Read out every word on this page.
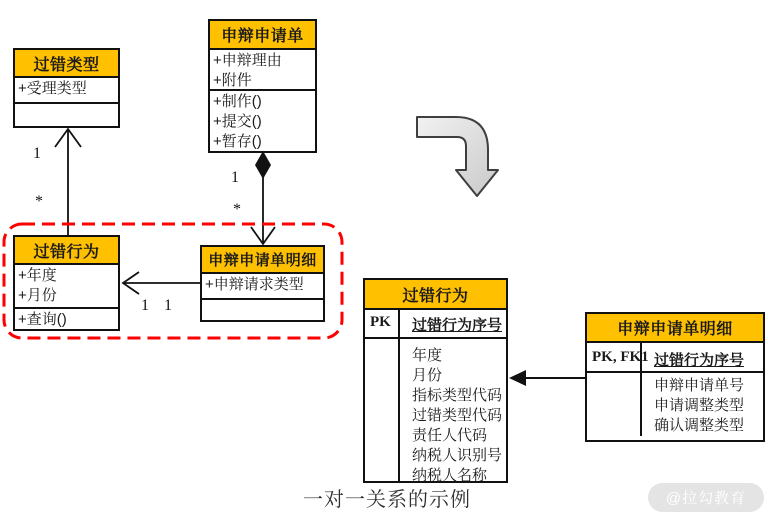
过错类型
+受理类型
申辩申请单
+申辩理由
+附件
+制作()
+提交()
+暂存()
过错行为
+年度
+月份
+查询()
申辩申请单明细
+申辩请求类型
1
*
1
*
1 1
过错行为
PK	过错行为序号
年度
月份
指标类型代码
过错类型代码
责任人代码
纳税人识别号
纳税人名称
申辩申请单明细
PK, FK1 过错行为序号
申辩申请单号
申请调整类型
确认调整类型
一对一关系的示例	@拉勾教育
